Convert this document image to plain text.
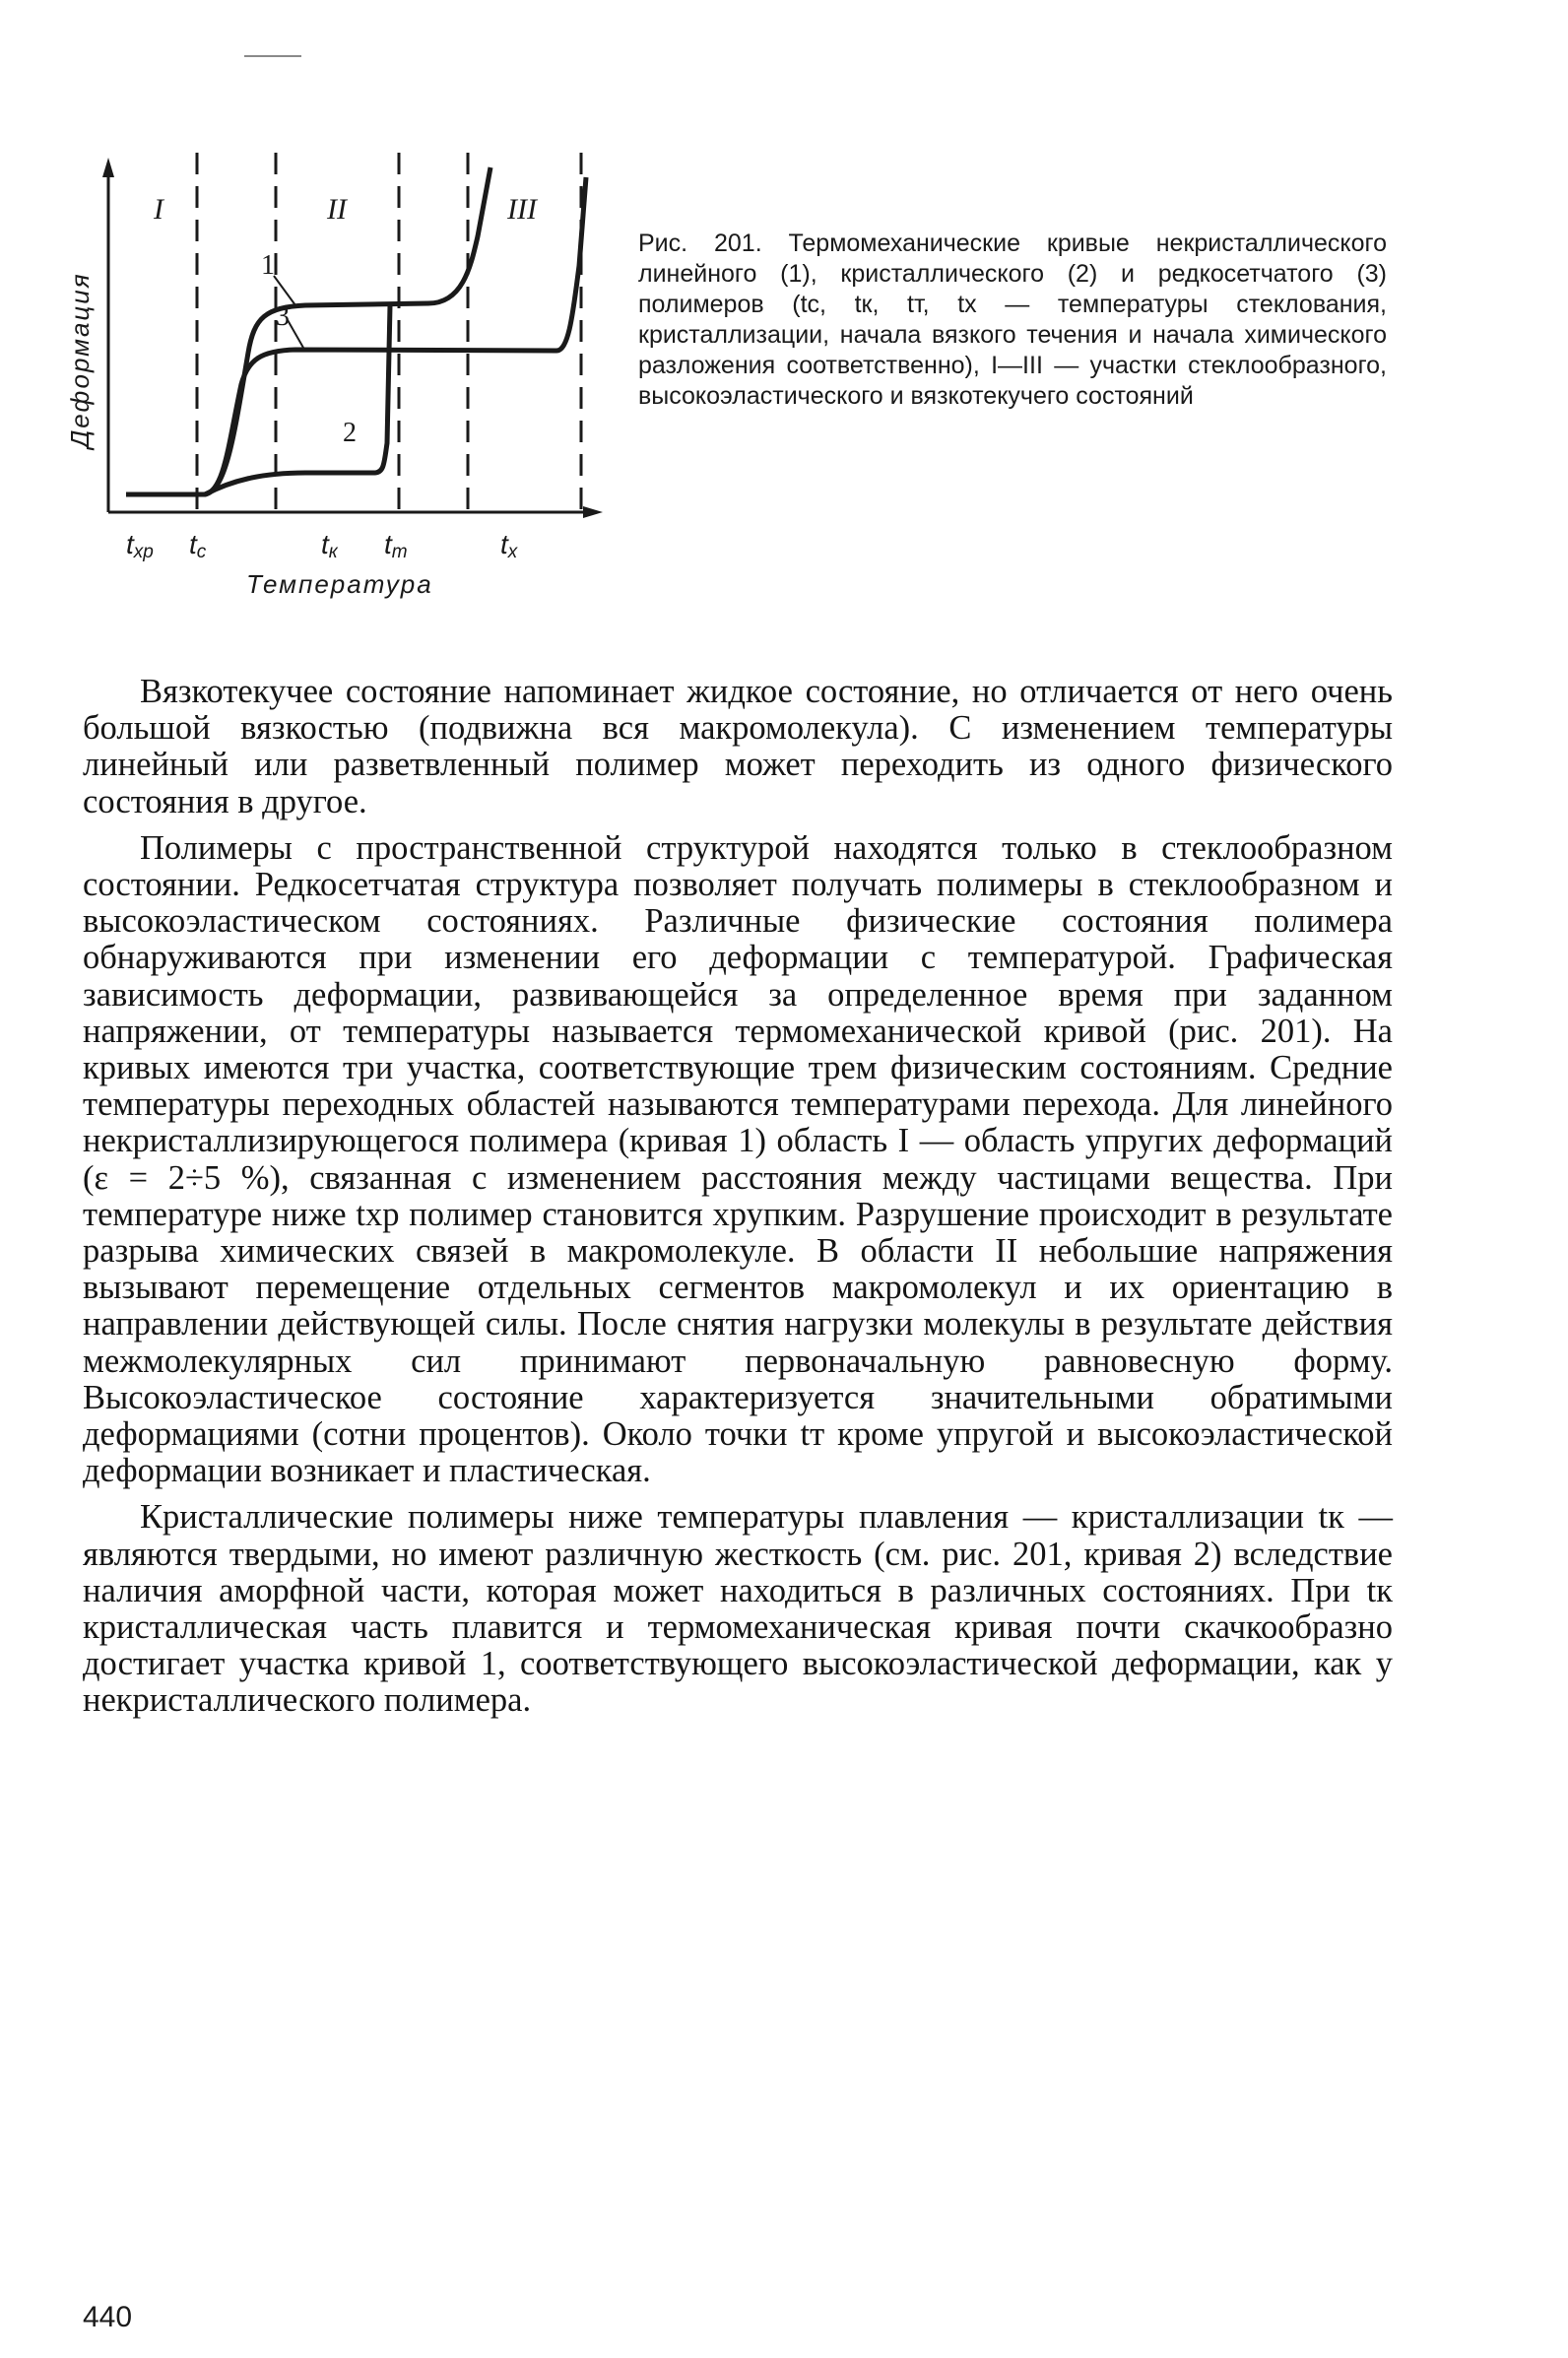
I	II	III
1
2
3
tхр tс	tк tт	tх
Температура
Деформация
Рис. 201. Термомеханические кривые некристаллического линейного (1), кристаллического (2) и редкосетчатого (3) полимеров (tс, tк, tт, tх — температуры стеклования, кристаллизации, начала вязкого течения и начала химического разложения соответственно), I—III — участки стеклообразного, высокоэластического и вязкотекучего состояний

Вязкотекучее состояние напоминает жидкое состояние, но отличается от него очень большой вязкостью (подвижна вся макромолекула). С изменением температуры линейный или разветвленный полимер может переходить из одного физического состояния в другое.

Полимеры с пространственной структурой находятся только в стеклообразном состоянии. Редкосетчатая структура позволяет получать полимеры в стеклообразном и высокоэластическом состояниях. Различные физические состояния полимера обнаруживаются при изменении его деформации с температурой. Графическая зависимость деформации, развивающейся за определенное время при заданном напряжении, от температуры называется термомеханической кривой (рис. 201). На кривых имеются три участка, соответствующие трем физическим состояниям. Средние температуры переходных областей называются температурами перехода. Для линейного некристаллизирующегося полимера (кривая 1) область I — область упругих деформаций (ε = 2÷5 %), связанная с изменением расстояния между частицами вещества. При температуре ниже tхр полимер становится хрупким. Разрушение происходит в результате разрыва химических связей в макромолекуле. В области II небольшие напряжения вызывают перемещение отдельных сегментов макромолекул и их ориентацию в направлении действующей силы. После снятия нагрузки молекулы в результате действия межмолекулярных сил принимают первоначальную равновесную форму. Высокоэластическое состояние характеризуется значительными обратимыми деформациями (сотни процентов). Около точки tт кроме упругой и высокоэластической деформации возникает и пластическая.

Кристаллические полимеры ниже температуры плавления — кристаллизации tк — являются твердыми, но имеют различную жесткость (см. рис. 201, кривая 2) вследствие наличия аморфной части, которая может находиться в различных состояниях. При tк кристаллическая часть плавится и термомеханическая кривая почти скачкообразно достигает участка кривой 1, соответствующего высокоэластической деформации, как у некристаллического полимера.

440
